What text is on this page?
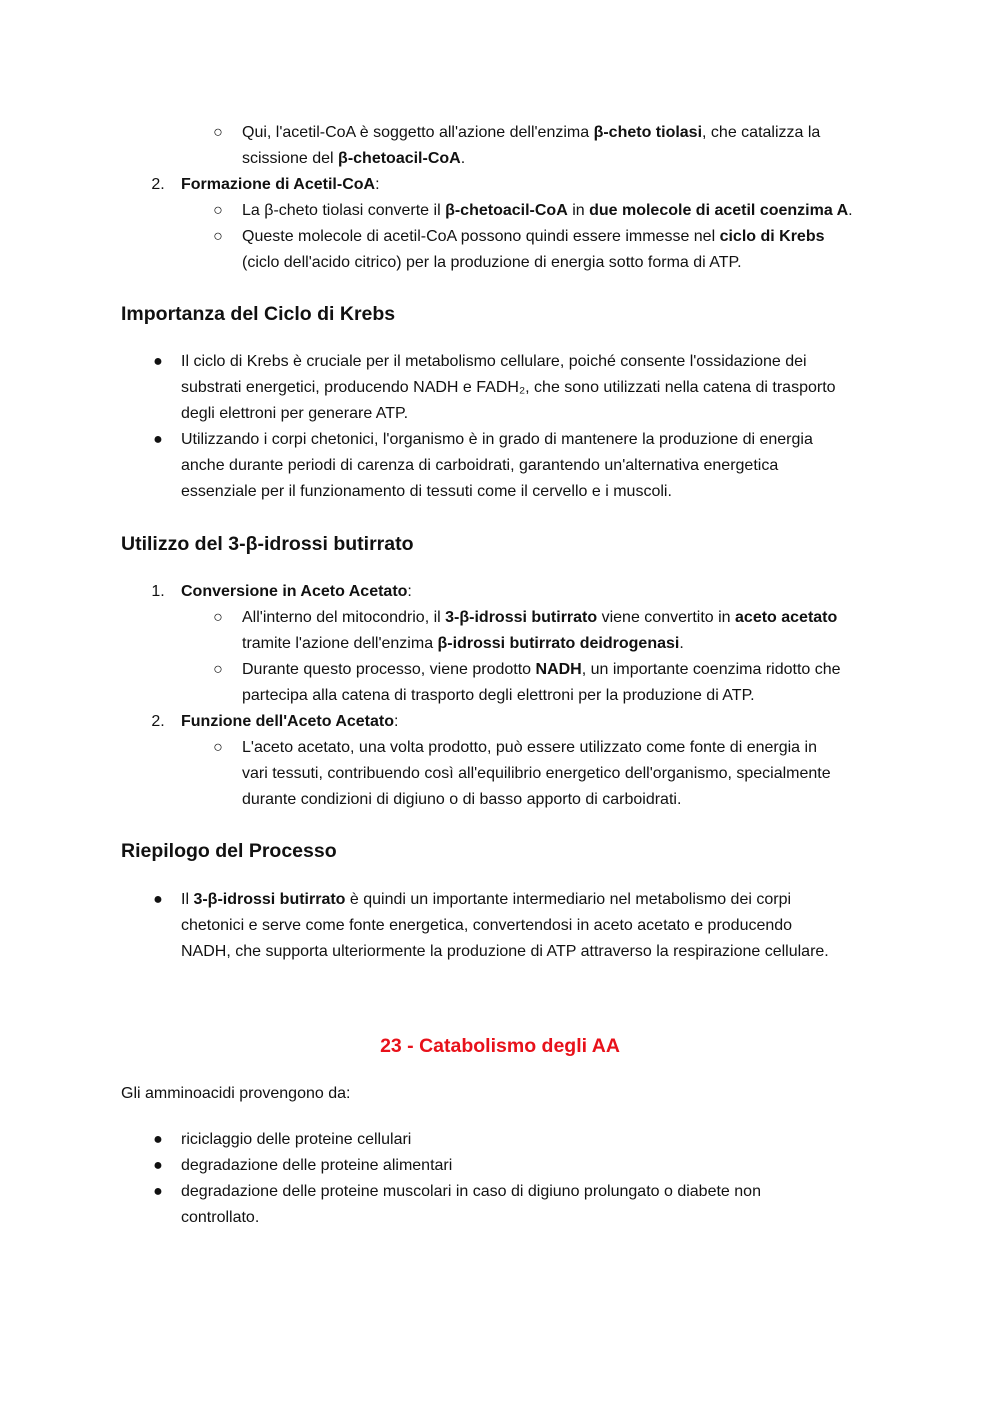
○ Qui, l'acetil-CoA è soggetto all'azione dell'enzima β-cheto tiolasi, che catalizza la
scissione del β-chetoacil-CoA.
2. Formazione di Acetil-CoA:
○ La β-cheto tiolasi converte il β-chetoacil-CoA in due molecole di acetil coenzima A.
○ Queste molecole di acetil-CoA possono quindi essere immesse nel ciclo di Krebs
(ciclo dell'acido citrico) per la produzione di energia sotto forma di ATP.
Importanza del Ciclo di Krebs
● Il ciclo di Krebs è cruciale per il metabolismo cellulare, poiché consente l'ossidazione dei
substrati energetici, producendo NADH e FADH₂, che sono utilizzati nella catena di trasporto
degli elettroni per generare ATP.
● Utilizzando i corpi chetonici, l'organismo è in grado di mantenere la produzione di energia
anche durante periodi di carenza di carboidrati, garantendo un'alternativa energetica
essenziale per il funzionamento di tessuti come il cervello e i muscoli.
Utilizzo del 3-β-idrossi butirrato
1. Conversione in Aceto Acetato:
○ All'interno del mitocondrio, il 3-β-idrossi butirrato viene convertito in aceto acetato
tramite l'azione dell'enzima β-idrossi butirrato deidrogenasi.
○ Durante questo processo, viene prodotto NADH, un importante coenzima ridotto che
partecipa alla catena di trasporto degli elettroni per la produzione di ATP.
2. Funzione dell'Aceto Acetato:
○ L'aceto acetato, una volta prodotto, può essere utilizzato come fonte di energia in
vari tessuti, contribuendo così all'equilibrio energetico dell'organismo, specialmente
durante condizioni di digiuno o di basso apporto di carboidrati.
Riepilogo del Processo
● Il 3-β-idrossi butirrato è quindi un importante intermediario nel metabolismo dei corpi
chetonici e serve come fonte energetica, convertendosi in aceto acetato e producendo
NADH, che supporta ulteriormente la produzione di ATP attraverso la respirazione cellulare.
23 - Catabolismo degli AA
Gli amminoacidi provengono da:
● riciclaggio delle proteine cellulari
● degradazione delle proteine alimentari
● degradazione delle proteine muscolari in caso di digiuno prolungato o diabete non
controllato.
